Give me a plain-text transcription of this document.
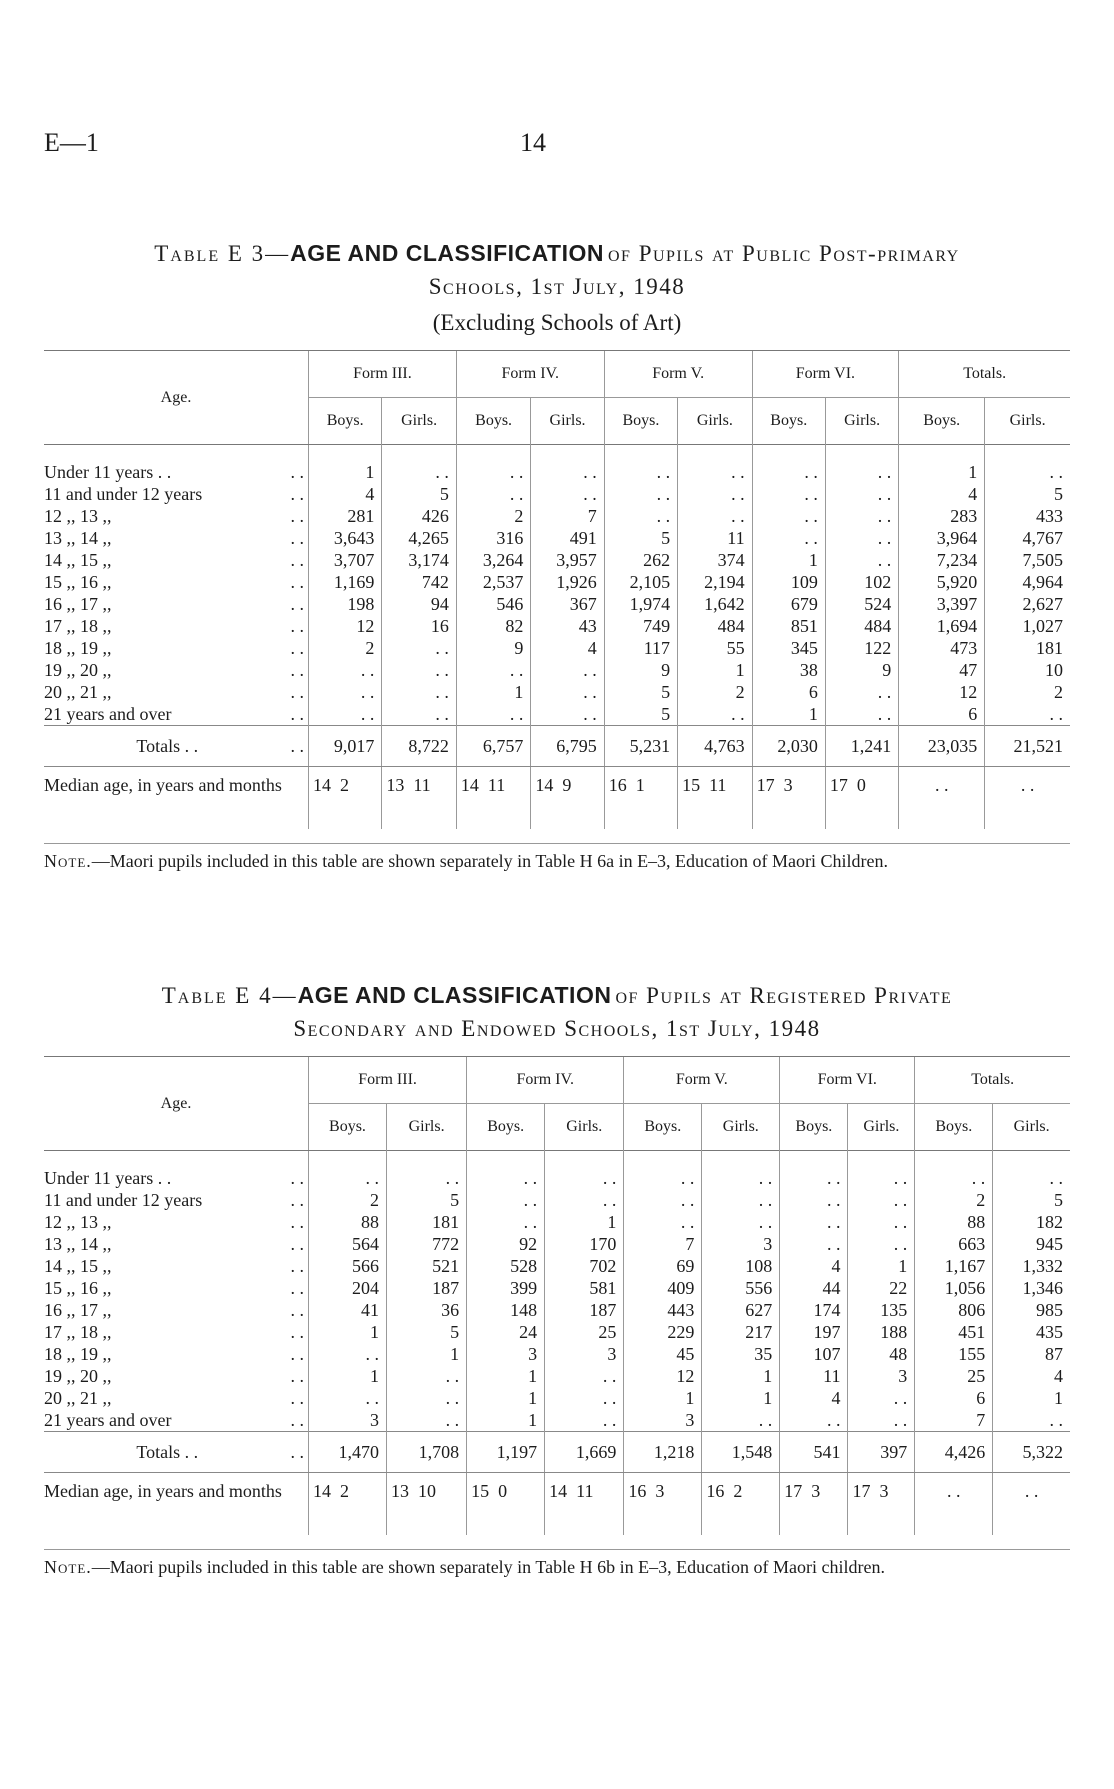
E—1	14
Table E 3—AGE AND CLASSIFICATION of Pupils at Public Post-primary
Schools, 1st July, 1948
(Excluding Schools of Art)
Age.	Form III.		Form IV.		Form V.		Form VI.		Totals.	
	Boys.	Girls.	Boys.	Girls.	Boys.	Girls.	Boys.	Girls.	Boys.	Girls.
Under 11 years . . . .	1	. .	. .	. .	. .	. .	. .	. .	1	. .
11 and under 12 years . .	4	5	. .	. .	. .	. .	. .	. .	4	5
12 ,, 13 ,, . .	281	426	2	7	. .	. .	. .	. .	283	433
13 ,, 14 ,, . .	3,643	4,265	316	491	5	11	. .	. .	3,964	4,767
14 ,, 15 ,, . .	3,707	3,174	3,264	3,957	262	374	1	. .	7,234	7,505
15 ,, 16 ,, . .	1,169	742	2,537	1,926	2,105	2,194	109	102	5,920	4,964
16 ,, 17 ,, . .	198	94	546	367	1,974	1,642	679	524	3,397	2,627
17 ,, 18 ,, . .	12	16	82	43	749	484	851	484	1,694	1,027
18 ,, 19 ,, . .	2	. .	9	4	117	55	345	122	473	181
19 ,, 20 ,, . .	. .	. .	. .	. .	9	1	38	9	47	10
20 ,, 21 ,, . .	. .	. .	1	. .	5	2	6	. .	12	2
21 years and over . .	. .	. .	. .	. .	5	. .	1	. .	6	. .
Totals . . . .	9,017	8,722	6,757	6,795	5,231	4,763	2,030	1,241	23,035	21,521
Median age, in years and months	14  2	13  11	14  11	14  9	16  1	15  11	17  3	17  0	. .	. .
Note.—Maori pupils included in this table are shown separately in Table H 6a in E–3, Education of Maori Children.
Table E 4—AGE AND CLASSIFICATION of Pupils at Registered Private
Secondary and Endowed Schools, 1st July, 1948
Age.	Form III.		Form IV.		Form V.		Form VI.		Totals.	
	Boys.	Girls.	Boys.	Girls.	Boys.	Girls.	Boys.	Girls.	Boys.	Girls.
Under 11 years . . . .	. .	. .	. .	. .	. .	. .	. .	. .	. .	. .
11 and under 12 years . .	2	5	. .	. .	. .	. .	. .	. .	2	5
12 ,, 13 ,, . .	88	181	. .	1	. .	. .	. .	. .	88	182
13 ,, 14 ,, . .	564	772	92	170	7	3	. .	. .	663	945
14 ,, 15 ,, . .	566	521	528	702	69	108	4	1	1,167	1,332
15 ,, 16 ,, . .	204	187	399	581	409	556	44	22	1,056	1,346
16 ,, 17 ,, . .	41	36	148	187	443	627	174	135	806	985
17 ,, 18 ,, . .	1	5	24	25	229	217	197	188	451	435
18 ,, 19 ,, . .	. .	1	3	3	45	35	107	48	155	87
19 ,, 20 ,, . .	1	. .	1	. .	12	1	11	3	25	4
20 ,, 21 ,, . .	. .	. .	1	. .	1	1	4	. .	6	1
21 years and over . .	3	. .	1	. .	3	. .	. .	. .	7	. .
Totals . . . .	1,470	1,708	1,197	1,669	1,218	1,548	541	397	4,426	5,322
Median age, in years and months	14  2	13  10	15  0	14  11	16  3	16  2	17  3	17  3	. .	. .
Note.—Maori pupils included in this table are shown separately in Table H 6b in E–3, Education of Maori children.
